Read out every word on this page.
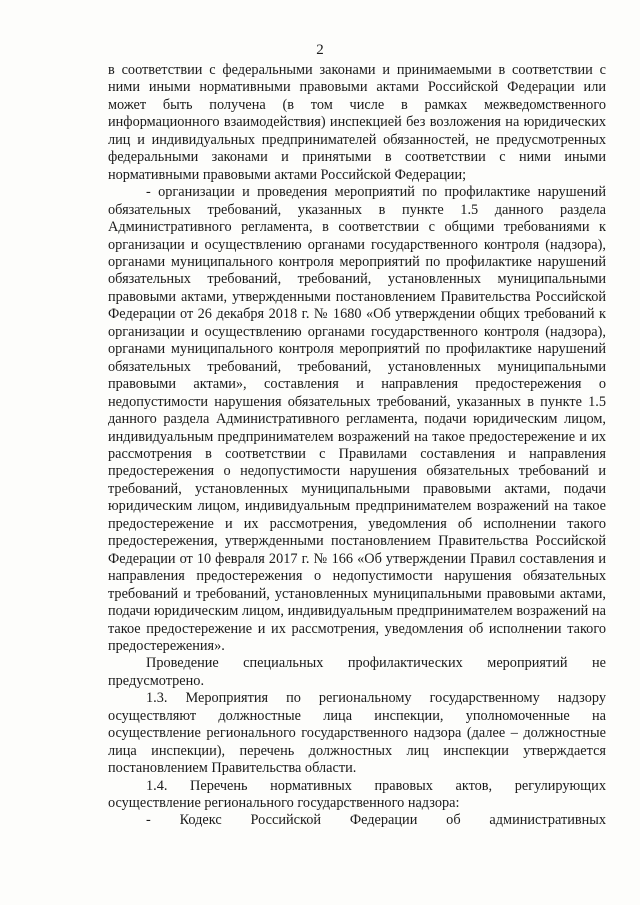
2

в соответствии с федеральными законами и принимаемыми в соответствии с ними иными нормативными правовыми актами Российской Федерации или может быть получена (в том числе в рамках межведомственного информационного взаимодействия) инспекцией без возложения на юридических лиц и индивидуальных предпринимателей обязанностей, не предусмотренных федеральными законами и принятыми в соответствии с ними иными нормативными правовыми актами Российской Федерации;

- организации и проведения мероприятий по профилактике нарушений обязательных требований, указанных в пункте 1.5 данного раздела Административного регламента, в соответствии с общими требованиями к организации и осуществлению органами государственного контроля (надзора), органами муниципального контроля мероприятий по профилактике нарушений обязательных требований, требований, установленных муниципальными правовыми актами, утвержденными постановлением Правительства Российской Федерации от 26 декабря 2018 г. № 1680 «Об утверждении общих требований к организации и осуществлению органами государственного контроля (надзора), органами муниципального контроля мероприятий по профилактике нарушений обязательных требований, требований, установленных муниципальными правовыми актами», составления и направления предостережения о недопустимости нарушения обязательных требований, указанных в пункте 1.5 данного раздела Административного регламента, подачи юридическим лицом, индивидуальным предпринимателем возражений на такое предостережение и их рассмотрения в соответствии с Правилами составления и направления предостережения о недопустимости нарушения обязательных требований и требований, установленных муниципальными правовыми актами, подачи юридическим лицом, индивидуальным предпринимателем возражений на такое предостережение и их рассмотрения, уведомления об исполнении такого предостережения, утвержденными постановлением Правительства Российской Федерации от 10 февраля 2017 г. № 166 «Об утверждении Правил составления и направления предостережения о недопустимости нарушения обязательных требований и требований, установленных муниципальными правовыми актами, подачи юридическим лицом, индивидуальным предпринимателем возражений на такое предостережение и их рассмотрения, уведомления об исполнении такого предостережения».

Проведение специальных профилактических мероприятий не предусмотрено.

1.3. Мероприятия по региональному государственному надзору осуществляют должностные лица инспекции, уполномоченные на осуществление регионального государственного надзора (далее – должностные лица инспекции), перечень должностных лиц инспекции утверждается постановлением Правительства области.

1.4. Перечень нормативных правовых актов, регулирующих осуществление регионального государственного надзора:

- Кодекс Российской Федерации об административных
